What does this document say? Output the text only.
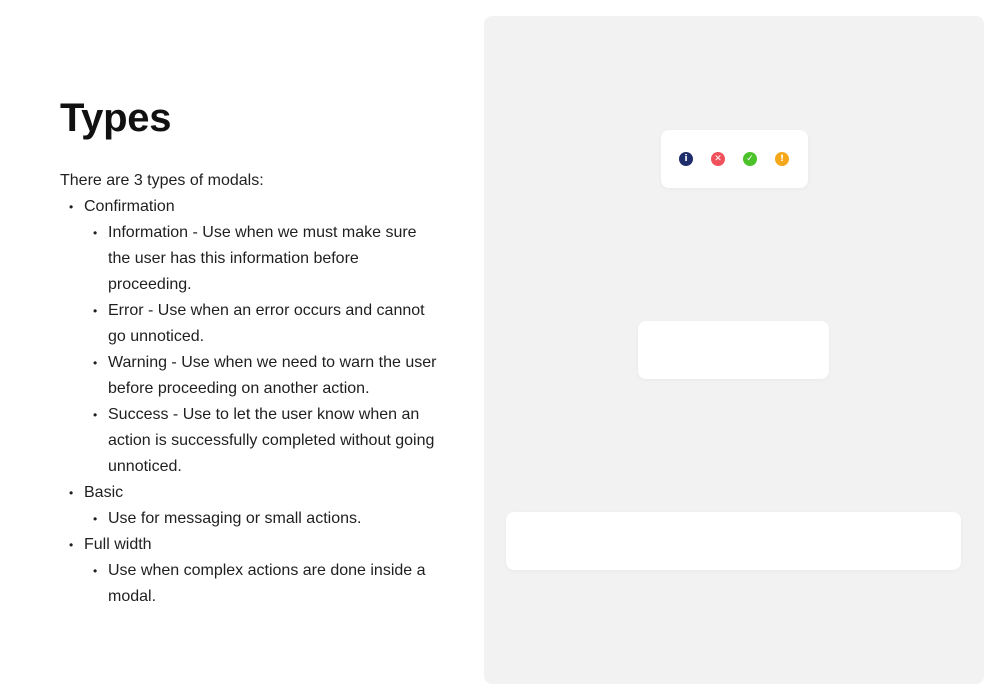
Types

There are 3 types of modals:

• Confirmation
• Information - Use when we must make sure the user has this information before proceeding.
• Error - Use when an error occurs and cannot go unnoticed.
• Warning - Use when we need to warn the user before proceeding on another action.
• Success - Use to let the user know when an action is successfully completed without going unnoticed.
• Basic
• Use for messaging or small actions.
• Full width
• Use when complex actions are done inside a modal.
i	✕	✓	!
